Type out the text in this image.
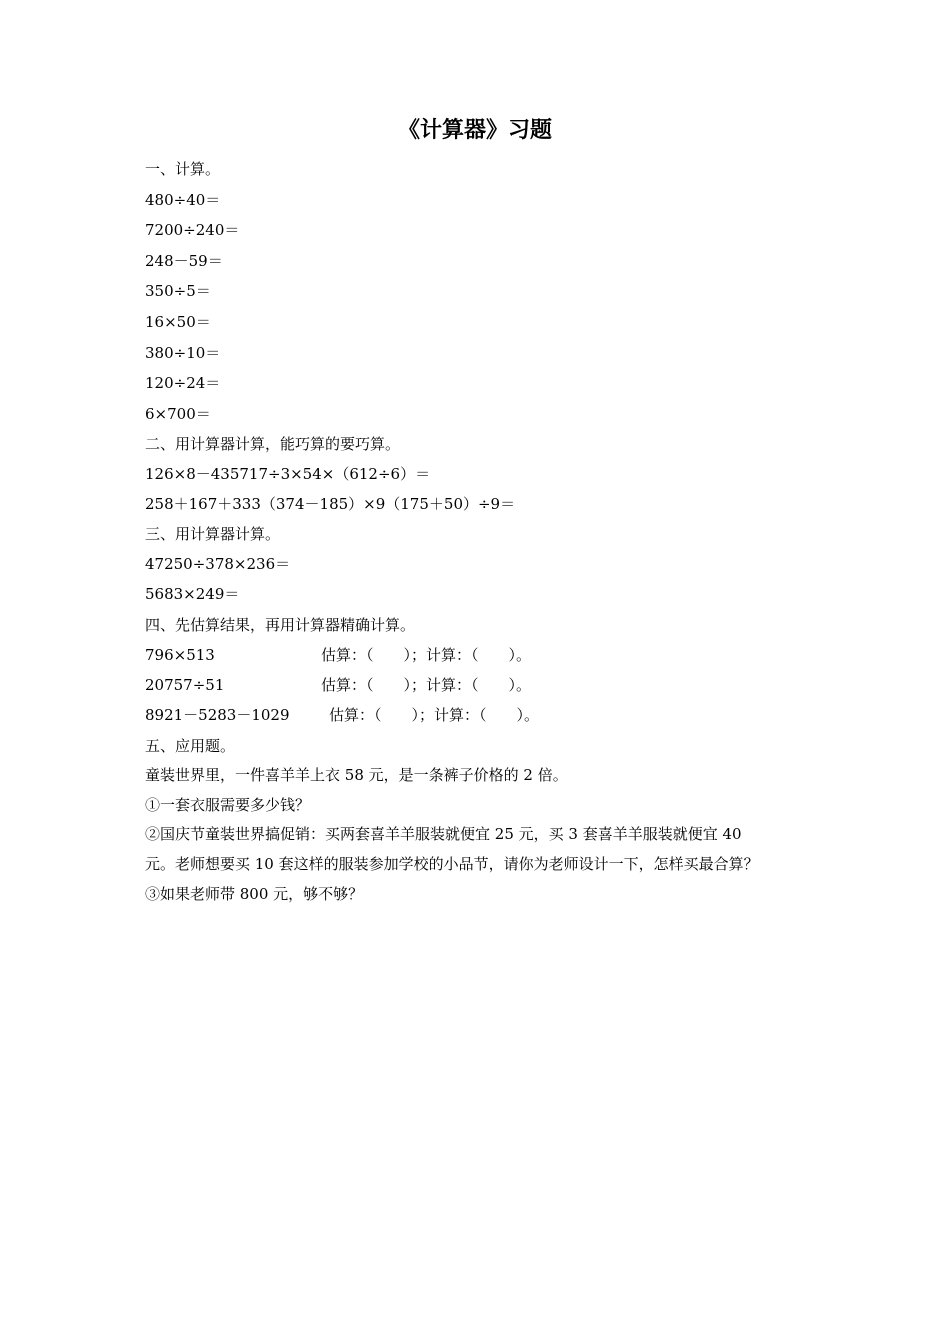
《计算器》习题
一、计算。
480÷40＝
7200÷240＝
248－59＝
350÷5＝
16×50＝
380÷10＝
120÷24＝
6×700＝
二、用计算器计算，能巧算的要巧算。
126×8－435717÷3×54×（612÷6）＝
258＋167＋333（374－185）×9（175＋50）÷9＝
三、用计算器计算。
47250÷378×236＝
5683×249＝
四、先估算结果，再用计算器精确计算。
796×513	估算：（　　）；计算：（　　）。
20757÷51	估算：（　　）；计算：（　　）。
8921－5283－1029	估算：（　　）；计算：（　　）。
五、应用题。
童装世界里，一件喜羊羊上衣 58 元，是一条裤子价格的 2 倍。
①一套衣服需要多少钱？
②国庆节童装世界搞促销：买两套喜羊羊服装就便宜 25 元，买 3 套喜羊羊服装就便宜 40
元。老师想要买 10 套这样的服装参加学校的小品节，请你为老师设计一下，怎样买最合算？
③如果老师带 800 元，够不够？
